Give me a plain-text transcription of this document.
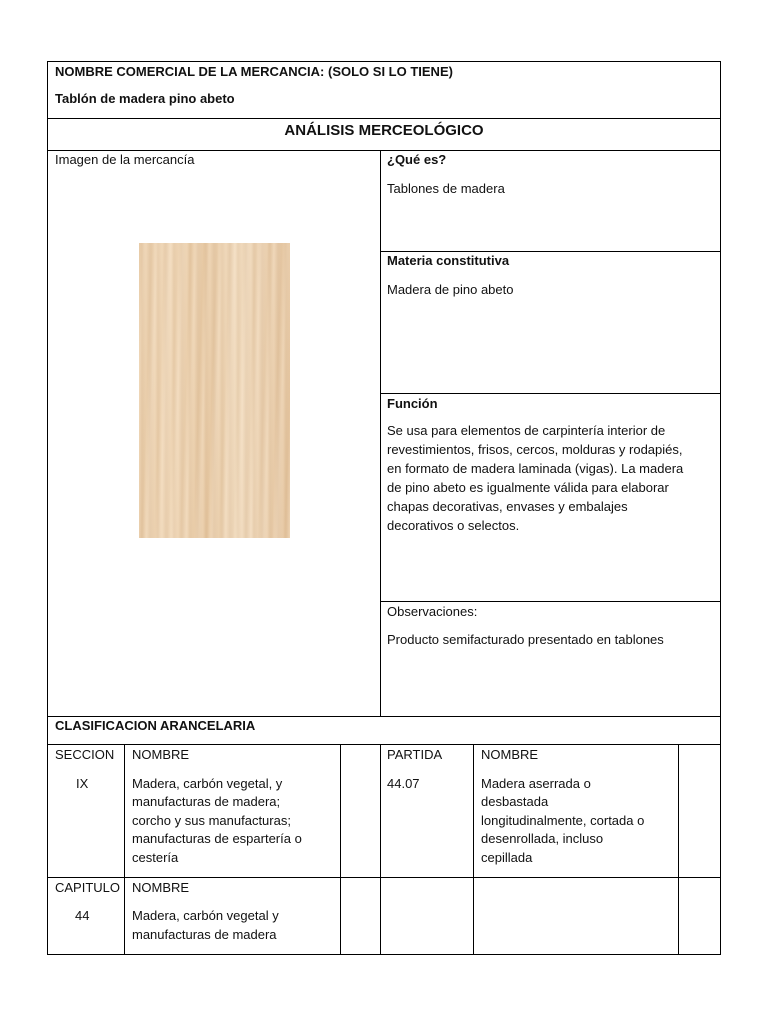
NOMBRE COMERCIAL DE LA MERCANCIA: (SOLO SI LO TIENE)
Tablón de madera pino abeto
ANÁLISIS MERCEOLÓGICO
Imagen de la mercancía	¿Qué es?
Tablones de madera
Materia constitutiva
Madera de pino abeto
Función
Se usa para elementos de carpintería interior de
revestimientos, frisos, cercos, molduras y rodapiés,
en formato de madera laminada (vigas). La madera
de pino abeto es igualmente válida para elaborar
chapas decorativas, envases y embalajes
decorativos o selectos.
Observaciones:
Producto semifacturado presentado en tablones
CLASIFICACION ARANCELARIA
SECCION
IX
NOMBRE
Madera, carbón vegetal, y
manufacturas de madera;
corcho y sus manufacturas;
manufacturas de espartería o
cestería
PARTIDA
44.07
NOMBRE
Madera aserrada o
desbastada
longitudinalmente, cortada o
desenrollada, incluso
cepillada
CAPITULO
44
NOMBRE
Madera, carbón vegetal y
manufacturas de madera
